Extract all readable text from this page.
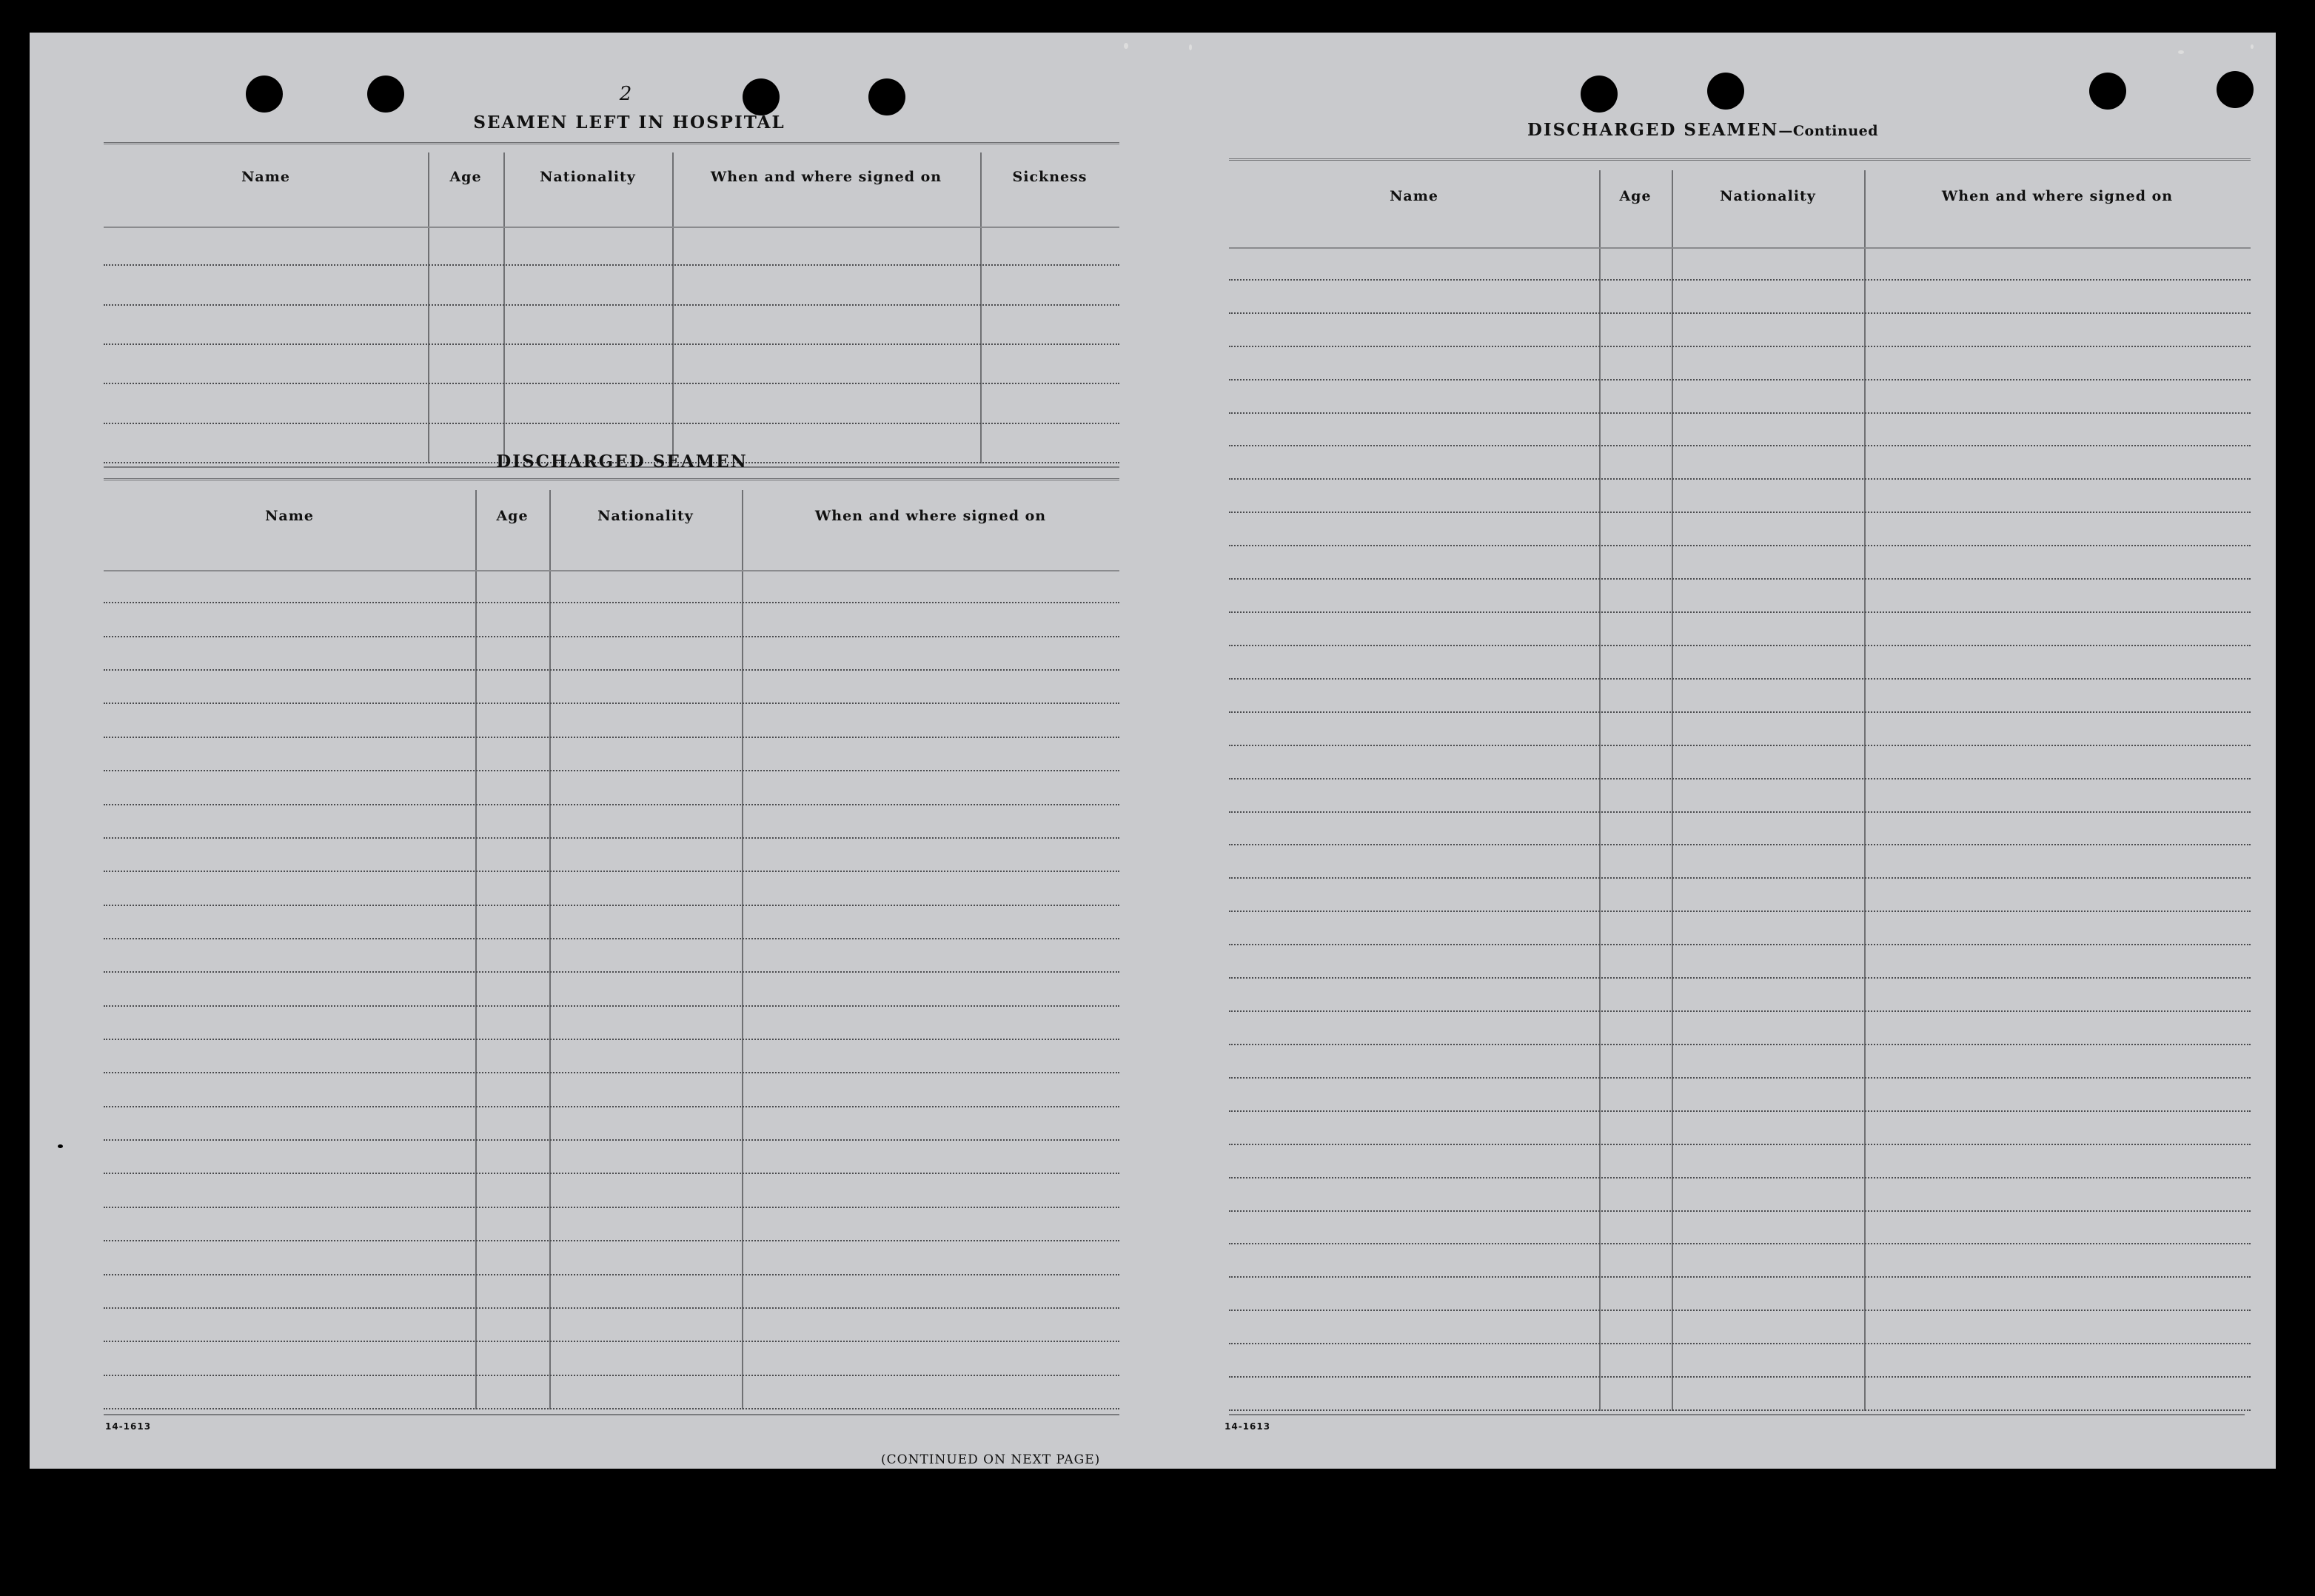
2
SEAMEN LEFT IN HOSPITAL
Name	Age	Nationality	When and where signed on	Sickness
DISCHARGED SEAMEN
Name	Age	Nationality	When and where signed on
14-1613
(CONTINUED ON NEXT PAGE)
DISCHARGED SEAMEN—Continued
Name	Age	Nationality	When and where signed on
14-1613
